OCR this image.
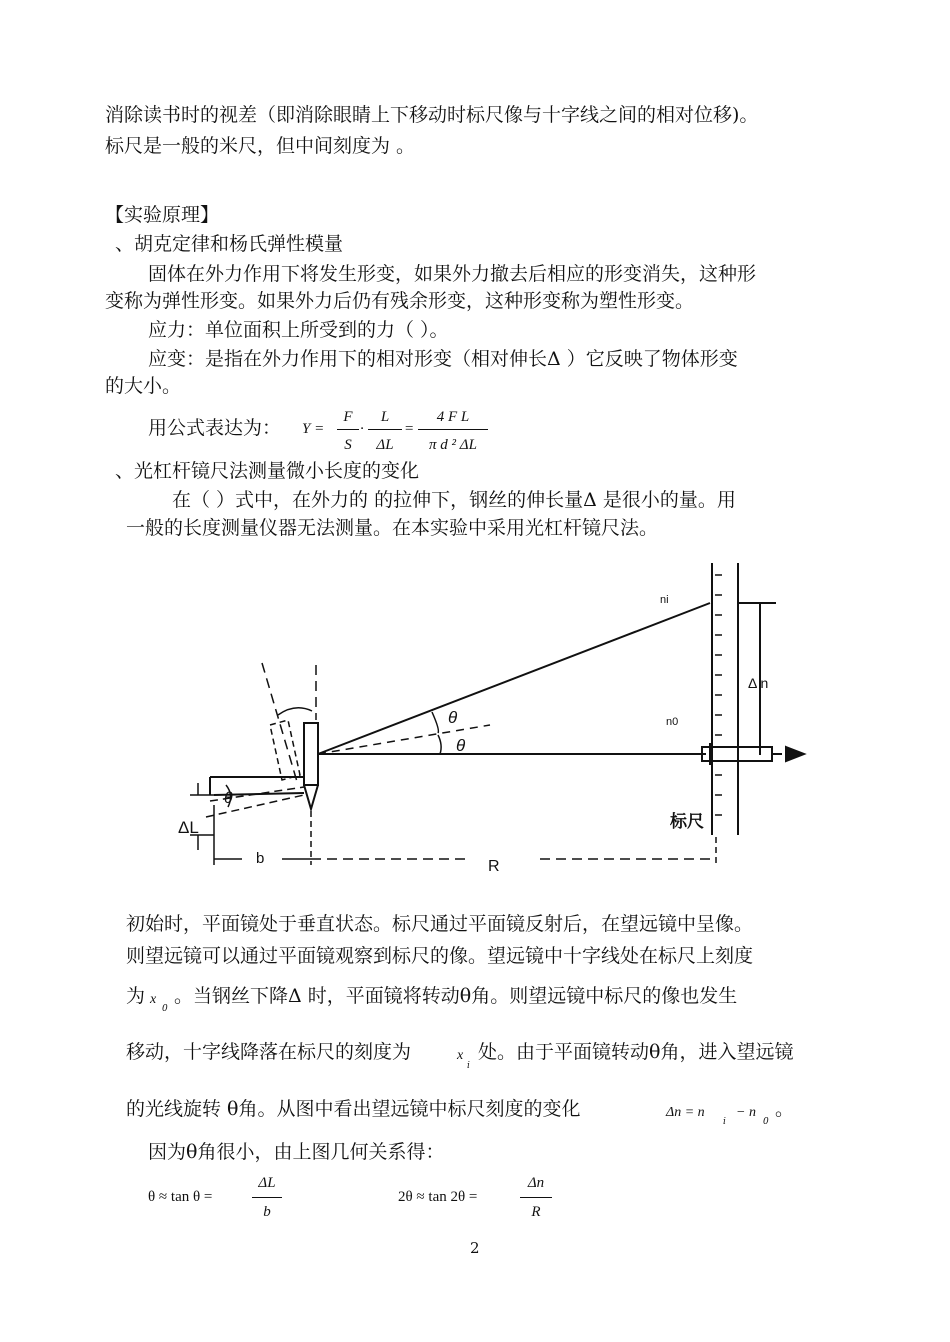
消除读书时的视差（即消除眼睛上下移动时标尺像与十字线之间的相对位移)。
标尺是一般的米尺，但中间刻度为 。
【实验原理】
、胡克定律和杨氏弹性模量
固体在外力作用下将发生形变，如果外力撤去后相应的形变消失，这种形
变称为弹性形变。如果外力后仍有残余形变，这种形变称为塑性形变。
应力：单位面积上所受到的力（ ）。
应变：是指在外力作用下的相对形变（相对伸长Δ ）它反映了物体形变
的大小。
用公式表达为： Y =
F
S
·
L
ΔL
=
4 F L
π d ² ΔL
、光杠杆镜尺法测量微小长度的变化
在（ ）式中，在外力的 的拉伸下，钢丝的伸长量Δ 是很小的量。用
一般的长度测量仪器无法测量。在本实验中采用光杠杆镜尺法。
ni
n0
Δ n
θ
θ
θ
ΔL
b	R
标尺
初始时，平面镜处于垂直状态。标尺通过平面镜反射后，在望远镜中呈像。
则望远镜可以通过平面镜观察到标尺的像。望远镜中十字线处在标尺上刻度
为 x
0
。当钢丝下降Δ 时，平面镜将转动θ角。则望远镜中标尺的像也发生
移动，十字线降落在标尺的刻度为	x
i
处。由于平面镜转动θ角，进入望远镜
的光线旋转 θ角。从图中看出望远镜中标尺刻度的变化	Δn = n
i
− n
0
。
因为θ角很小，由上图几何关系得：
θ ≈ tan θ =
ΔL
b
2θ ≈ tan 2θ =
Δn
R
2
